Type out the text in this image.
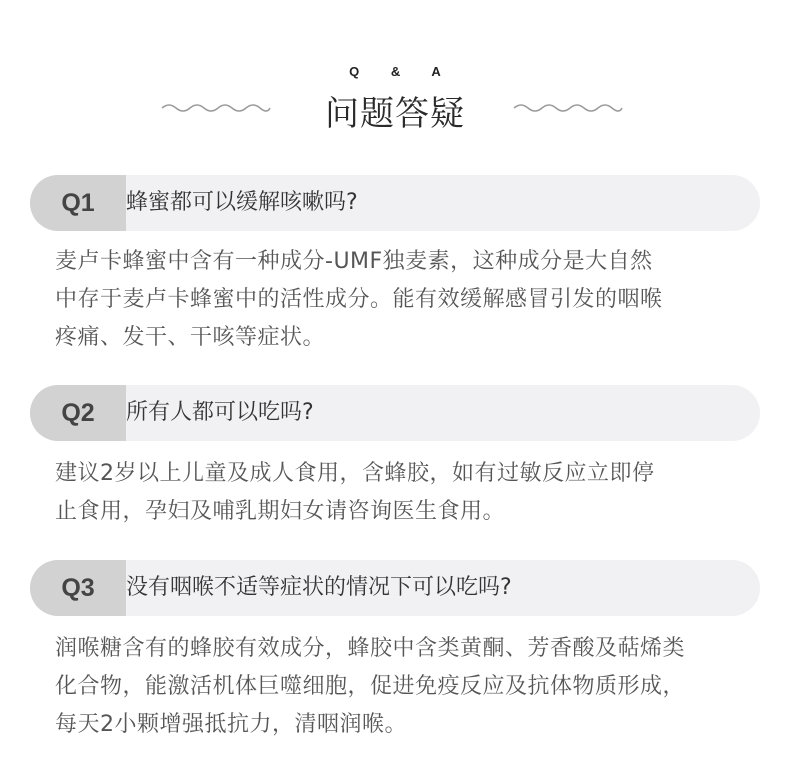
Q & A
问题答疑
Q1	蜂蜜都可以缓解咳嗽吗?
麦卢卡蜂蜜中含有一种成分-UMF独麦素，这种成分是大自然
中存于麦卢卡蜂蜜中的活性成分。能有效缓解感冒引发的咽喉
疼痛、发干、干咳等症状。
Q2	所有人都可以吃吗?
建议2岁以上儿童及成人食用，含蜂胶，如有过敏反应立即停
止食用，孕妇及哺乳期妇女请咨询医生食用。
Q3	没有咽喉不适等症状的情况下可以吃吗?
润喉糖含有的蜂胶有效成分，蜂胶中含类黄酮、芳香酸及萜烯类
化合物，能激活机体巨噬细胞，促进免疫反应及抗体物质形成，
每天2小颗增强抵抗力，清咽润喉。
